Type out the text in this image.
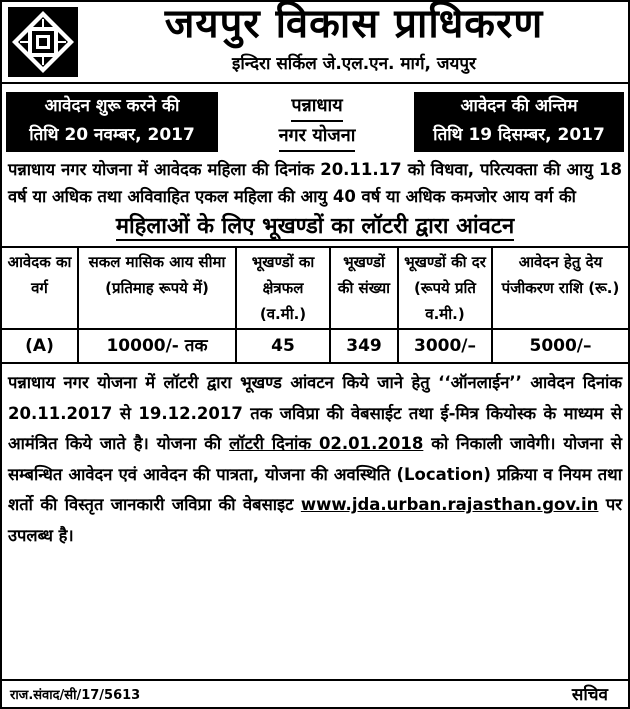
जयपुर विकास प्राधिकरण
इन्दिरा सर्किल जे.एल.एन. मार्ग, जयपुर
आवेदन शुरू करने की
तिथि 20 नवम्बर, 2017
पन्नाधाय
नगर योजना
आवेदन की अन्तिम
तिथि 19 दिसम्बर, 2017
पन्नाधाय नगर योजना में आवेदक महिला की दिनांक 20.11.17 को विधवा, परित्यक्ता की आयु 18 वर्ष या अधिक तथा अविवाहित एकल महिला की आयु 40 वर्ष या अधिक कमजोर आय वर्ग की
महिलाओं के लिए भूखण्डों का लॉटरी द्वारा आंवटन
आवेदक का वर्ग	सकल मासिक आय सीमा (प्रतिमाह रूपये में)	भूखण्डों का क्षेत्रफल (व.मी.)	भूखण्डों की संख्या	भूखण्डों की दर (रूपये प्रति व.मी.)	आवेदन हेतु देय पंजीकरण राशि (रू.)
(A)	10000/- तक	45	349	3000/–	5000/–
पन्नाधाय नगर योजना में लॉटरी द्वारा भूखण्ड आंवटन किये जाने हेतु ‘‘ऑनलाईन’’ आवेदन दिनांक 20.11.2017 से 19.12.2017 तक जविप्रा की वेबसाईट तथा ई-मित्र कियोस्क के माध्यम से आमंत्रित किये जाते है। योजना की लॉटरी दिनांक 02.01.2018 को निकाली जावेगी। योजना से सम्बन्धित आवेदन एवं आवेदन की पात्रता, योजना की अवस्थिति (Location) प्रक्रिया व नियम तथा शर्तो की विस्तृत जानकारी जविप्रा की वेबसाइट www.jda.urban.rajasthan.gov.in पर उपलब्ध है।
राज.संवाद/सी/17/5613	सचिव
